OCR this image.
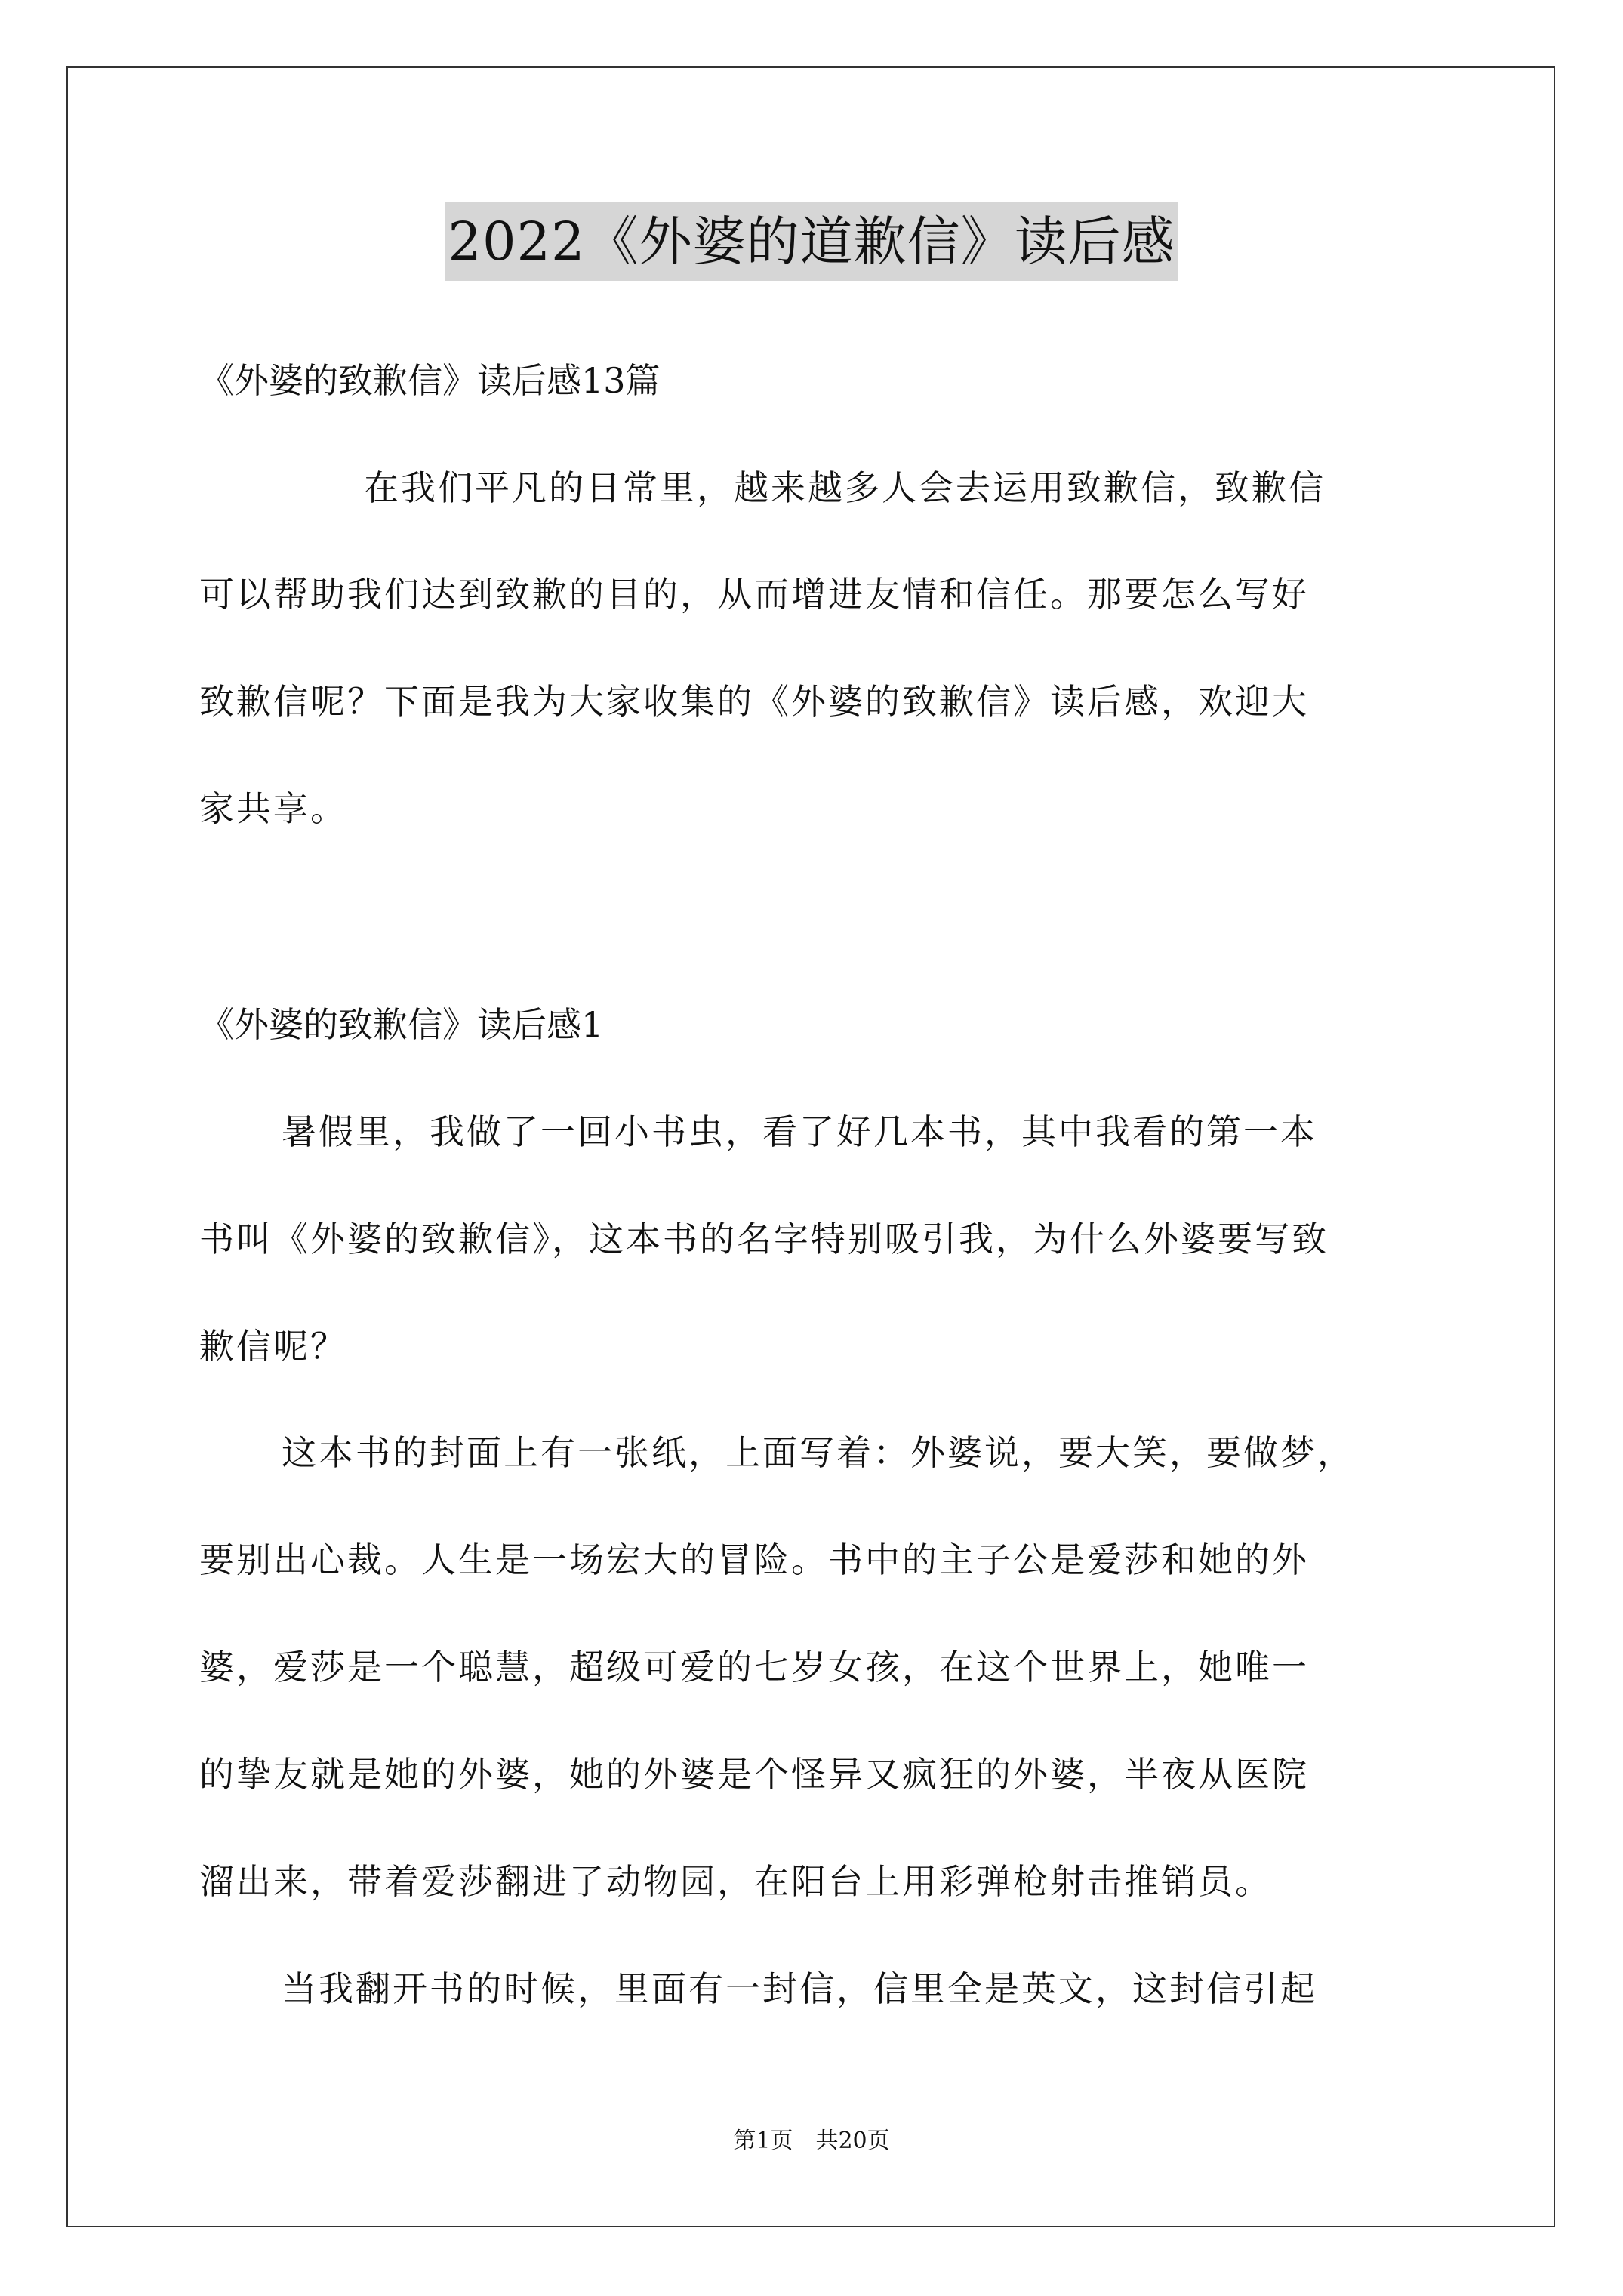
2022《外婆的道歉信》读后感
《外婆的致歉信》读后感13篇
在我们平凡的日常里，越来越多人会去运用致歉信，致歉信
可以帮助我们达到致歉的目的，从而增进友情和信任。那要怎么写好
致歉信呢？下面是我为大家收集的《外婆的致歉信》读后感，欢迎大
家共享。
《外婆的致歉信》读后感1
暑假里，我做了一回小书虫，看了好几本书，其中我看的第一本
书叫《外婆的致歉信》，这本书的名字特别吸引我，为什么外婆要写致
歉信呢？
这本书的封面上有一张纸，上面写着：外婆说，要大笑，要做梦，
要别出心裁。人生是一场宏大的冒险。书中的主子公是爱莎和她的外
婆，爱莎是一个聪慧，超级可爱的七岁女孩，在这个世界上，她唯一
的挚友就是她的外婆，她的外婆是个怪异又疯狂的外婆，半夜从医院
溜出来，带着爱莎翻进了动物园，在阳台上用彩弹枪射击推销员。
当我翻开书的时候，里面有一封信，信里全是英文，这封信引起
第1页　共20页
